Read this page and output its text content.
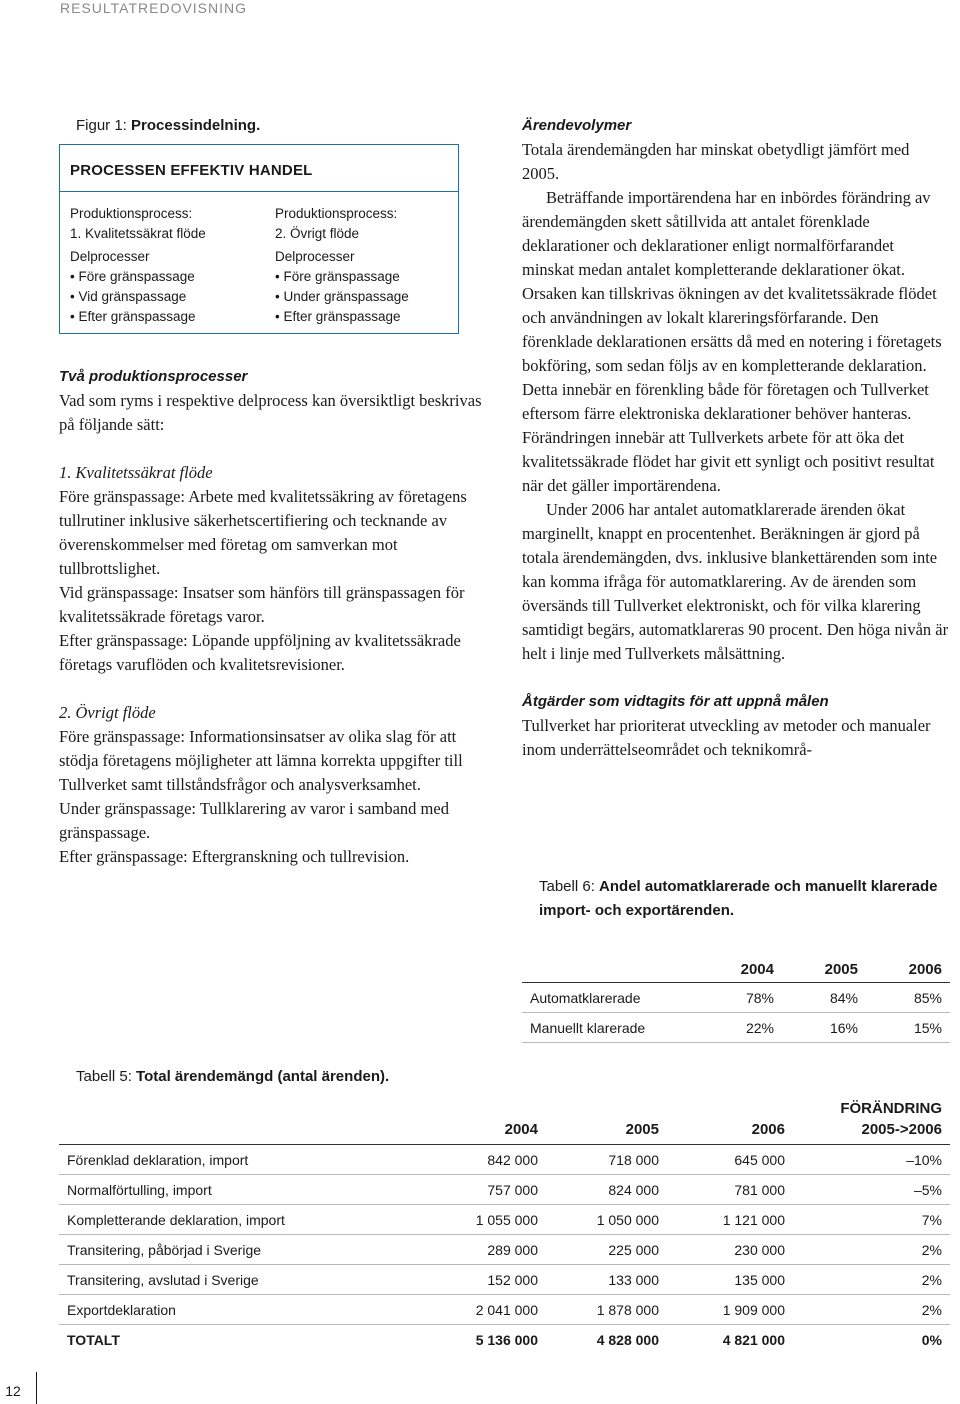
RESULTATREDOVISNING
Figur 1: Processindelning.
PROCESSEN EFFEKTIV HANDEL
Produktionsprocess:
1. Kvalitetssäkrat flöde
Delprocesser
• Före gränspassage
• Vid gränspassage
• Efter gränspassage
Produktionsprocess:
2. Övrigt flöde
Delprocesser
• Före gränspassage
• Under gränspassage
• Efter gränspassage

Två produktionsprocesser

Vad som ryms i respektive delprocess kan översiktligt beskrivas på följande sätt:

1. Kvalitetssäkrat flöde

Före gränspassage: Arbete med kvalitetssäkring av företagens tullrutiner inklusive säkerhetscertifiering och tecknande av överenskommelser med företag om samverkan mot tullbrottslighet.

Vid gränspassage: Insatser som hänförs till gränspassagen för kvalitetssäkrade företags varor.

Efter gränspassage: Löpande uppföljning av kvalitetssäkrade företags varuflöden och kvalitetsrevisioner.

2. Övrigt flöde

Före gränspassage: Informationsinsatser av olika slag för att stödja företagens möjligheter att lämna korrekta uppgifter till Tullverket samt tillståndsfrågor och analysverksamhet.

Under gränspassage: Tullklarering av varor i samband med gränspassage.

Efter gränspassage: Eftergranskning och tullrevision.

Ärendevolymer

Totala ärendemängden har minskat obetydligt jämfört med 2005.

Beträffande importärendena har en inbördes förändring av ärendemängden skett såtillvida att antalet förenklade deklarationer och deklarationer enligt normalförfarandet minskat medan antalet kompletterande deklarationer ökat. Orsaken kan tillskrivas ökningen av det kvalitetssäkrade flödet och användningen av lokalt klareringsförfarande. Den förenklade deklarationen ersätts då med en notering i företagets bokföring, som sedan följs av en kompletterande deklaration. Detta innebär en förenkling både för företagen och Tullverket eftersom färre elektroniska deklarationer behöver hanteras. Förändringen innebär att Tullverkets arbete för att öka det kvalitetssäkrade flödet har givit ett synligt och positivt resultat när det gäller importärendena.

Under 2006 har antalet automatklarerade ärenden ökat marginellt, knappt en procentenhet. Beräkningen är gjord på totala ärendemängden, dvs. inklusive blankettärenden som inte kan komma ifråga för automatklarering. Av de ärenden som översänds till Tullverket elektroniskt, och för vilka klarering samtidigt begärs, automatklareras 90 procent. Den höga nivån är helt i linje med Tullverkets målsättning.

Åtgärder som vidtagits för att uppnå målen

Tullverket har prioriterat utveckling av metoder och manualer inom underrättelseområdet och teknikområ-

Tabell 6: Andel automatklarerade och manuellt klarerade import- och exportärenden.
	2004	2005	2006
Automatklarerade	78%	84%	85%
Manuellt klarerade	22%	16%	15%
Tabell 5: Total ärendemängd (antal ärenden).
	2004	2005	2006	FÖRÄNDRING
2005->2006

Förenklad deklaration, import	842 000	718 000	645 000	–10%
Normalförtulling, import	757 000	824 000	781 000	–5%
Kompletterande deklaration, import	1 055 000	1 050 000	1 121 000	7%
Transitering, påbörjad i Sverige	289 000	225 000	230 000	2%
Transitering, avslutad i Sverige	152 000	133 000	135 000	2%
Exportdeklaration	2 041 000	1 878 000	1 909 000	2%
TOTALT	5 136 000	4 828 000	4 821 000	0%
12
